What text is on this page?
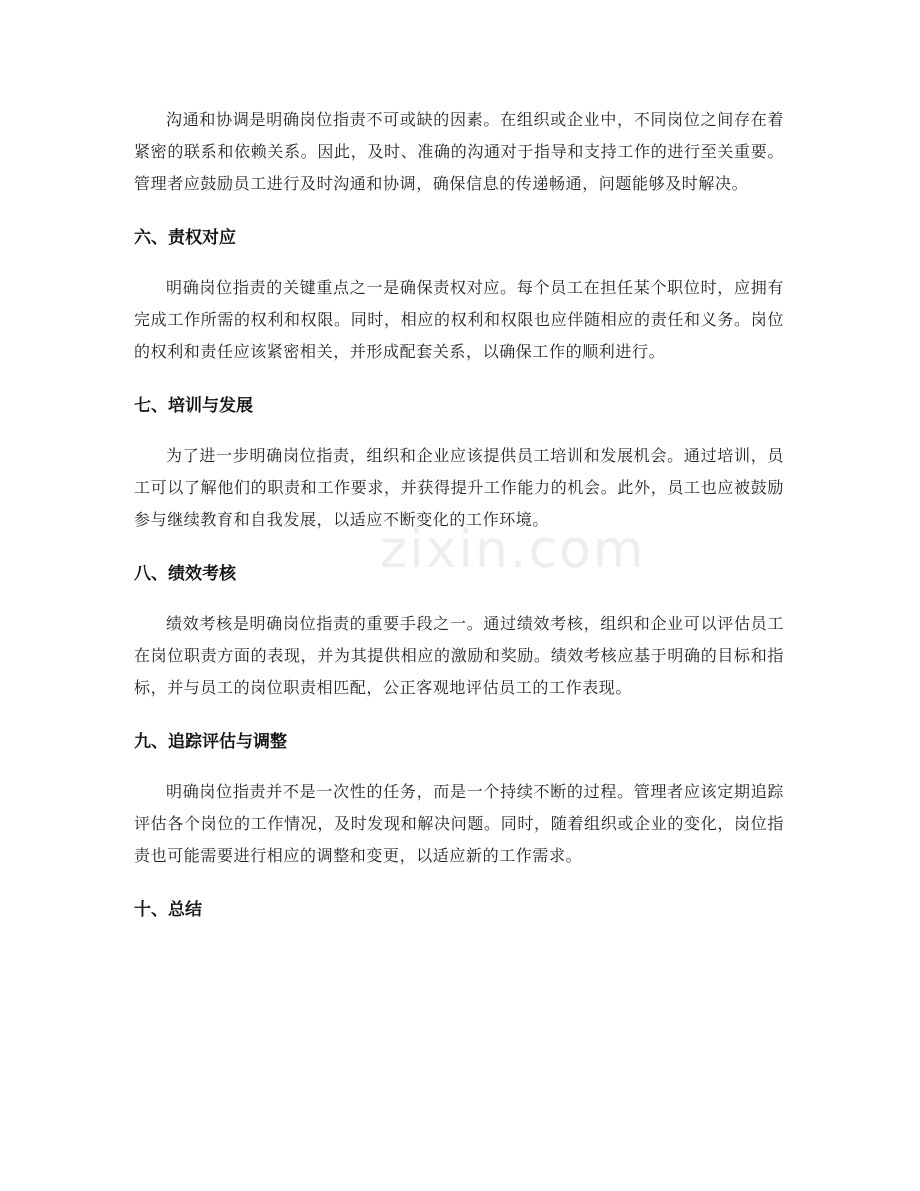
zixin.com

沟通和协调是明确岗位指责不可或缺的因素。在组织或企业中，不同岗位之间存在着紧密的联系和依赖关系。因此，及时、准确的沟通对于指导和支持工作的进行至关重要。管理者应鼓励员工进行及时沟通和协调，确保信息的传递畅通，问题能够及时解决。

六、责权对应

明确岗位指责的关键重点之一是确保责权对应。每个员工在担任某个职位时，应拥有完成工作所需的权利和权限。同时，相应的权利和权限也应伴随相应的责任和义务。岗位的权利和责任应该紧密相关，并形成配套关系，以确保工作的顺利进行。

七、培训与发展

为了进一步明确岗位指责，组织和企业应该提供员工培训和发展机会。通过培训，员工可以了解他们的职责和工作要求，并获得提升工作能力的机会。此外，员工也应被鼓励参与继续教育和自我发展，以适应不断变化的工作环境。

八、绩效考核

绩效考核是明确岗位指责的重要手段之一。通过绩效考核，组织和企业可以评估员工在岗位职责方面的表现，并为其提供相应的激励和奖励。绩效考核应基于明确的目标和指标，并与员工的岗位职责相匹配，公正客观地评估员工的工作表现。

九、追踪评估与调整

明确岗位指责并不是一次性的任务，而是一个持续不断的过程。管理者应该定期追踪评估各个岗位的工作情况，及时发现和解决问题。同时，随着组织或企业的变化，岗位指责也可能需要进行相应的调整和变更，以适应新的工作需求。

十、总结
